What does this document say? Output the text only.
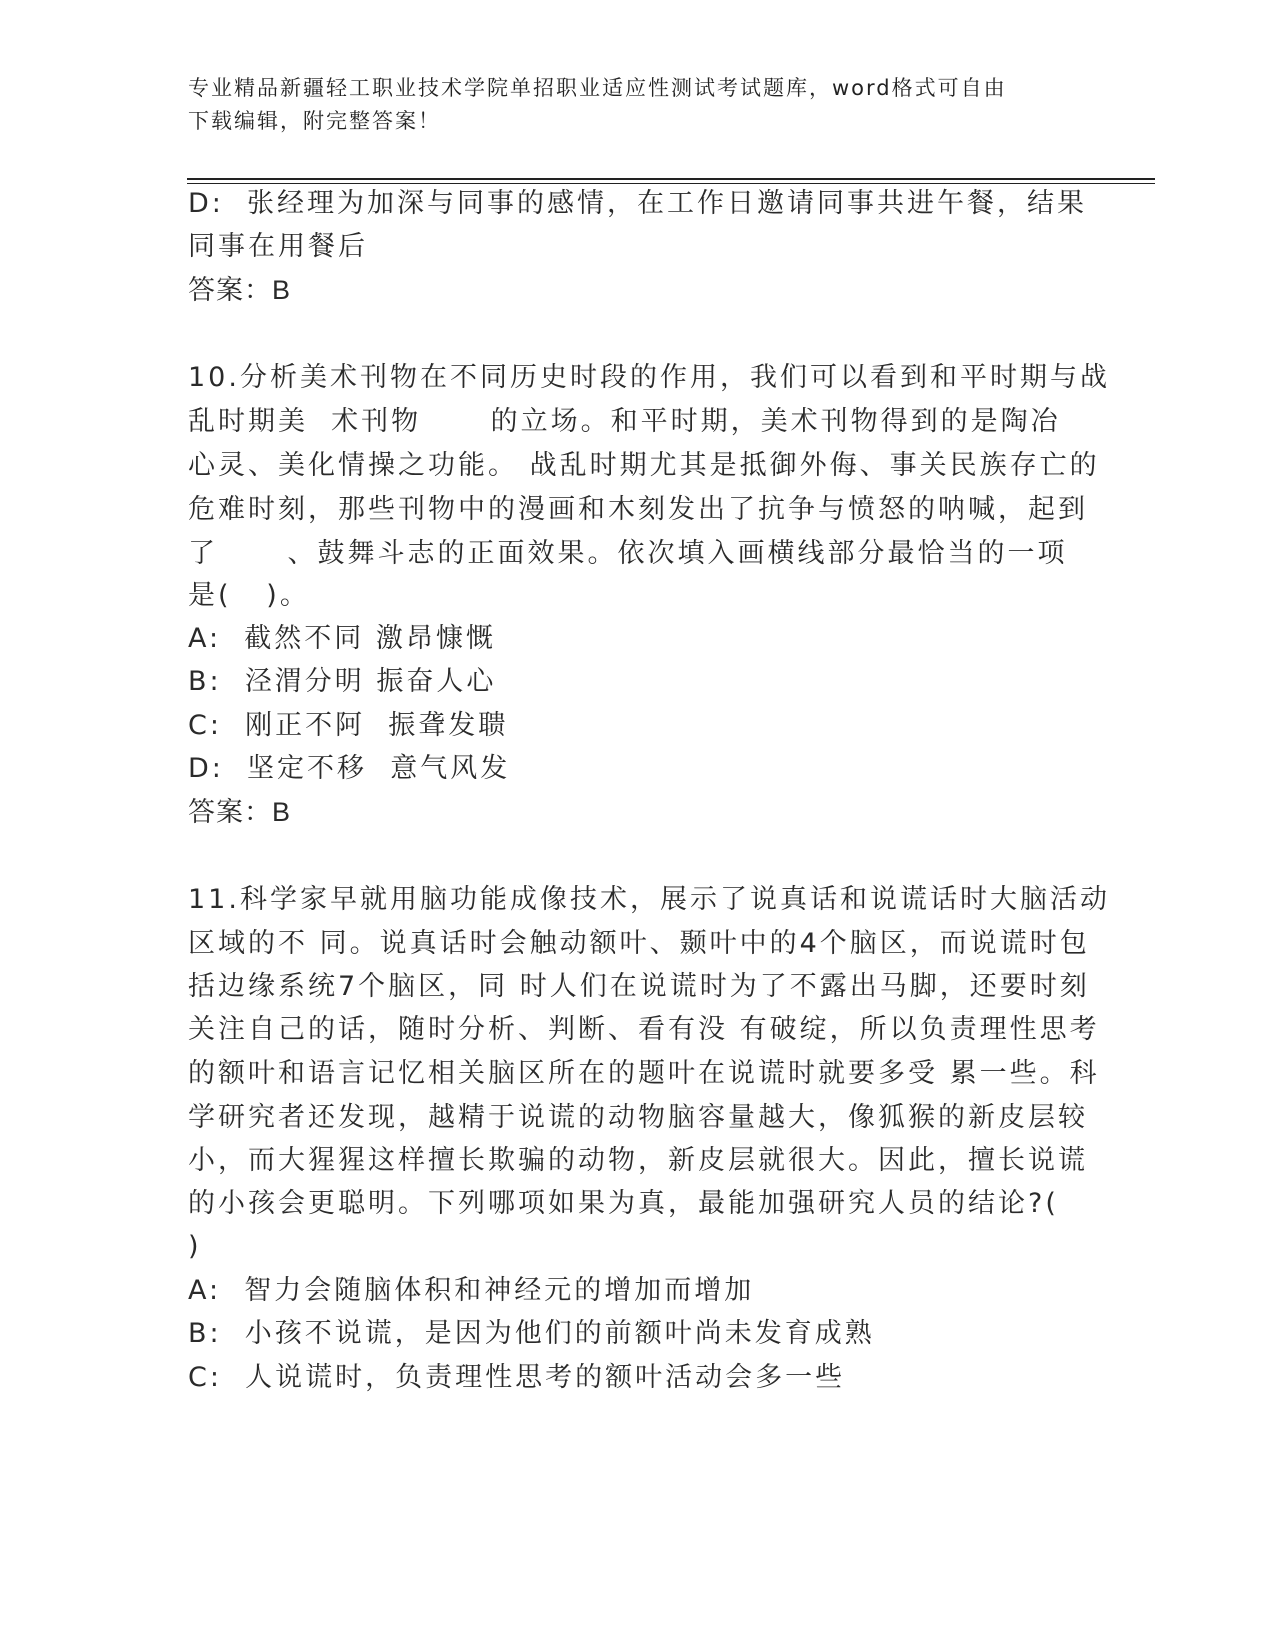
专业精品新疆轻工职业技术学院单招职业适应性测试考试题库，word格式可自由
下载编辑，附完整答案！
D:  张经理为加深与同事的感情，在工作日邀请同事共进午餐，结果
同事在用餐后
答案：B
10.分析美术刊物在不同历史时段的作用，我们可以看到和平时期与战
乱时期美  术刊物      的立场。和平时期，美术刊物得到的是陶冶
心灵、美化情操之功能。 战乱时期尤其是抵御外侮、事关民族存亡的
危难时刻，那些刊物中的漫画和木刻发出了抗争与愤怒的呐喊，起到
了      、鼓舞斗志的正面效果。依次填入画横线部分最恰当的一项
是(   )。
A:  截然不同 激昂慷慨
B:  泾渭分明 振奋人心
C:  刚正不阿  振聋发聩
D:  坚定不移  意气风发
答案：B
11.科学家早就用脑功能成像技术，展示了说真话和说谎话时大脑活动
区域的不 同。说真话时会触动额叶、颞叶中的4个脑区，而说谎时包
括边缘系统7个脑区，同 时人们在说谎时为了不露出马脚，还要时刻
关注自己的话，随时分析、判断、看有没 有破绽，所以负责理性思考
的额叶和语言记忆相关脑区所在的题叶在说谎时就要多受 累一些。科
学研究者还发现，越精于说谎的动物脑容量越大，像狐猴的新皮层较
小，而大猩猩这样擅长欺骗的动物，新皮层就很大。因此，擅长说谎
的小孩会更聪明。下列哪项如果为真，最能加强研究人员的结论?(
)
A:  智力会随脑体积和神经元的增加而增加
B:  小孩不说谎，是因为他们的前额叶尚未发育成熟
C:  人说谎时，负责理性思考的额叶活动会多一些
